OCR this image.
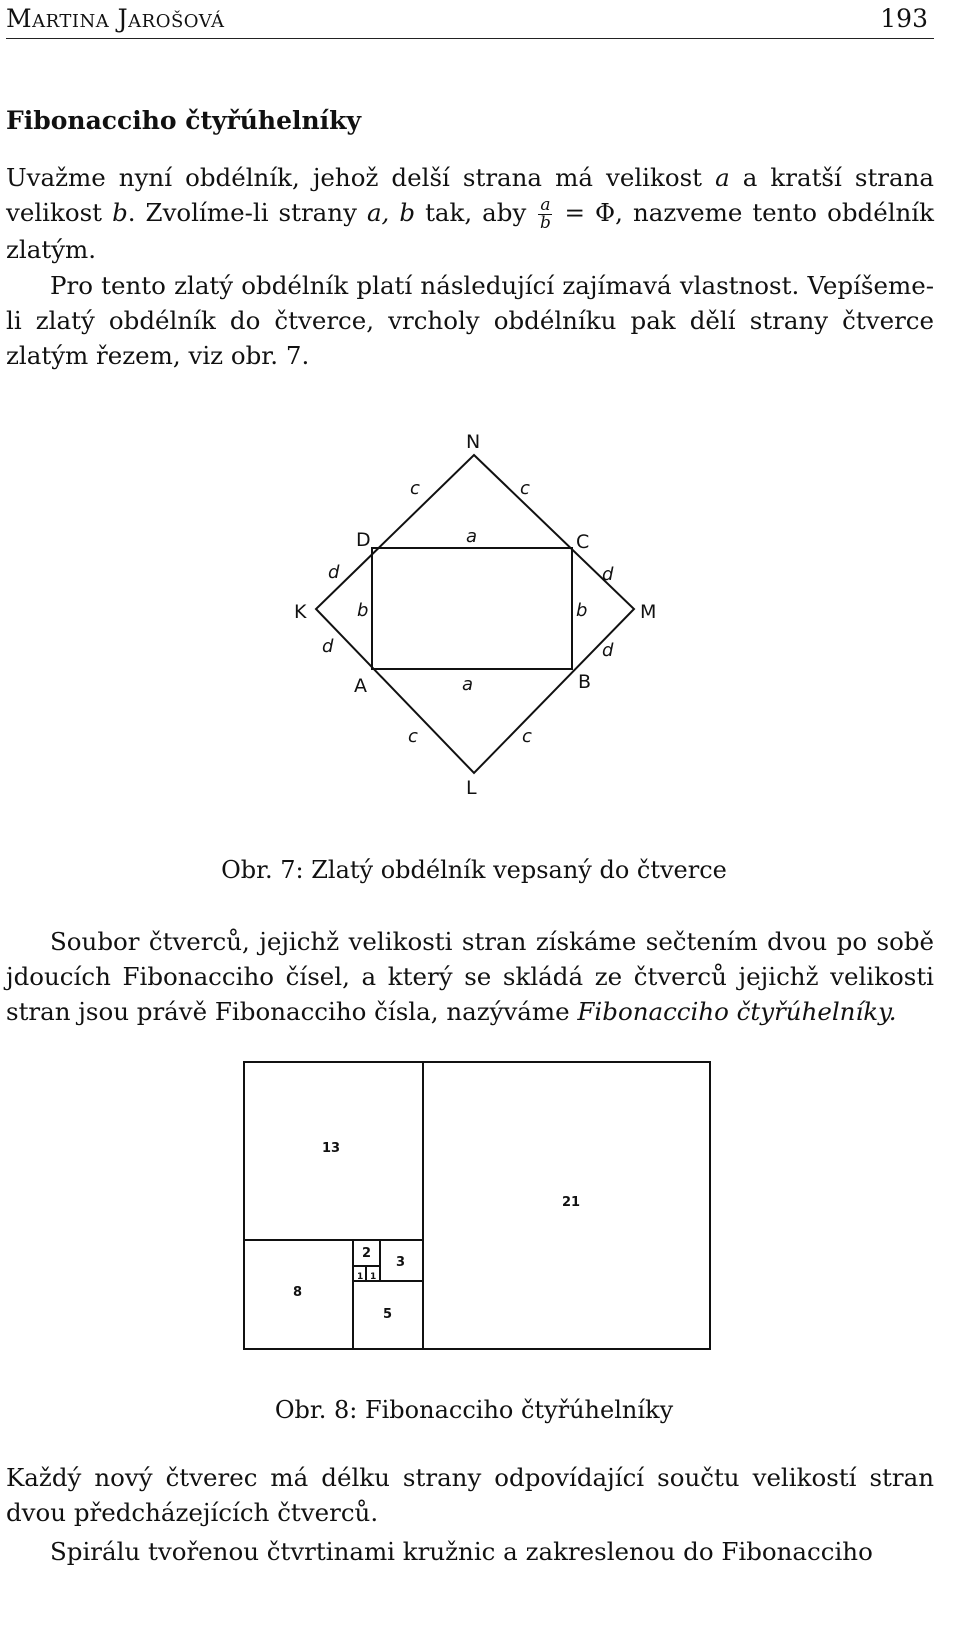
Martina Jarošová	193
Fibonacciho čtyřúhelníky
Uvažme nyní obdélník, jehož delší strana má velikost a a kratší strana velikost b. Zvolíme-li strany a, b tak, aby $\frac{a}{b} = \Phi$, nazveme tento obdélník zlatým.
Pro tento zlatý obdélník platí následující zajímavá vlastnost. Vepíšeme-li zlatý obdélník do čtverce, vrcholy obdélníku pak dělí strany čtverce zlatým řezem, viz obr. 7.
N
K	M
L
D	C
A	B
a
a
b	b
c	c
c	c
d	d
d	d
13
21
8
5
3
2
1 1
Obr. 7: Zlatý obdélník vepsaný do čtverce
Soubor čtverců, jejichž velikosti stran získáme sečtením dvou po sobě jdoucích Fibonacciho čísel, a který se skládá ze čtverců jejichž velikosti stran jsou právě Fibonacciho čísla, nazýváme Fibonacciho čtyřúhelníky.
Obr. 8: Fibonacciho čtyřúhelníky
Každý nový čtverec má délku strany odpovídající součtu velikostí stran dvou předcházejících čtverců.
Spirálu tvořenou čtvrtinami kružnic a zakreslenou do Fibonacciho
